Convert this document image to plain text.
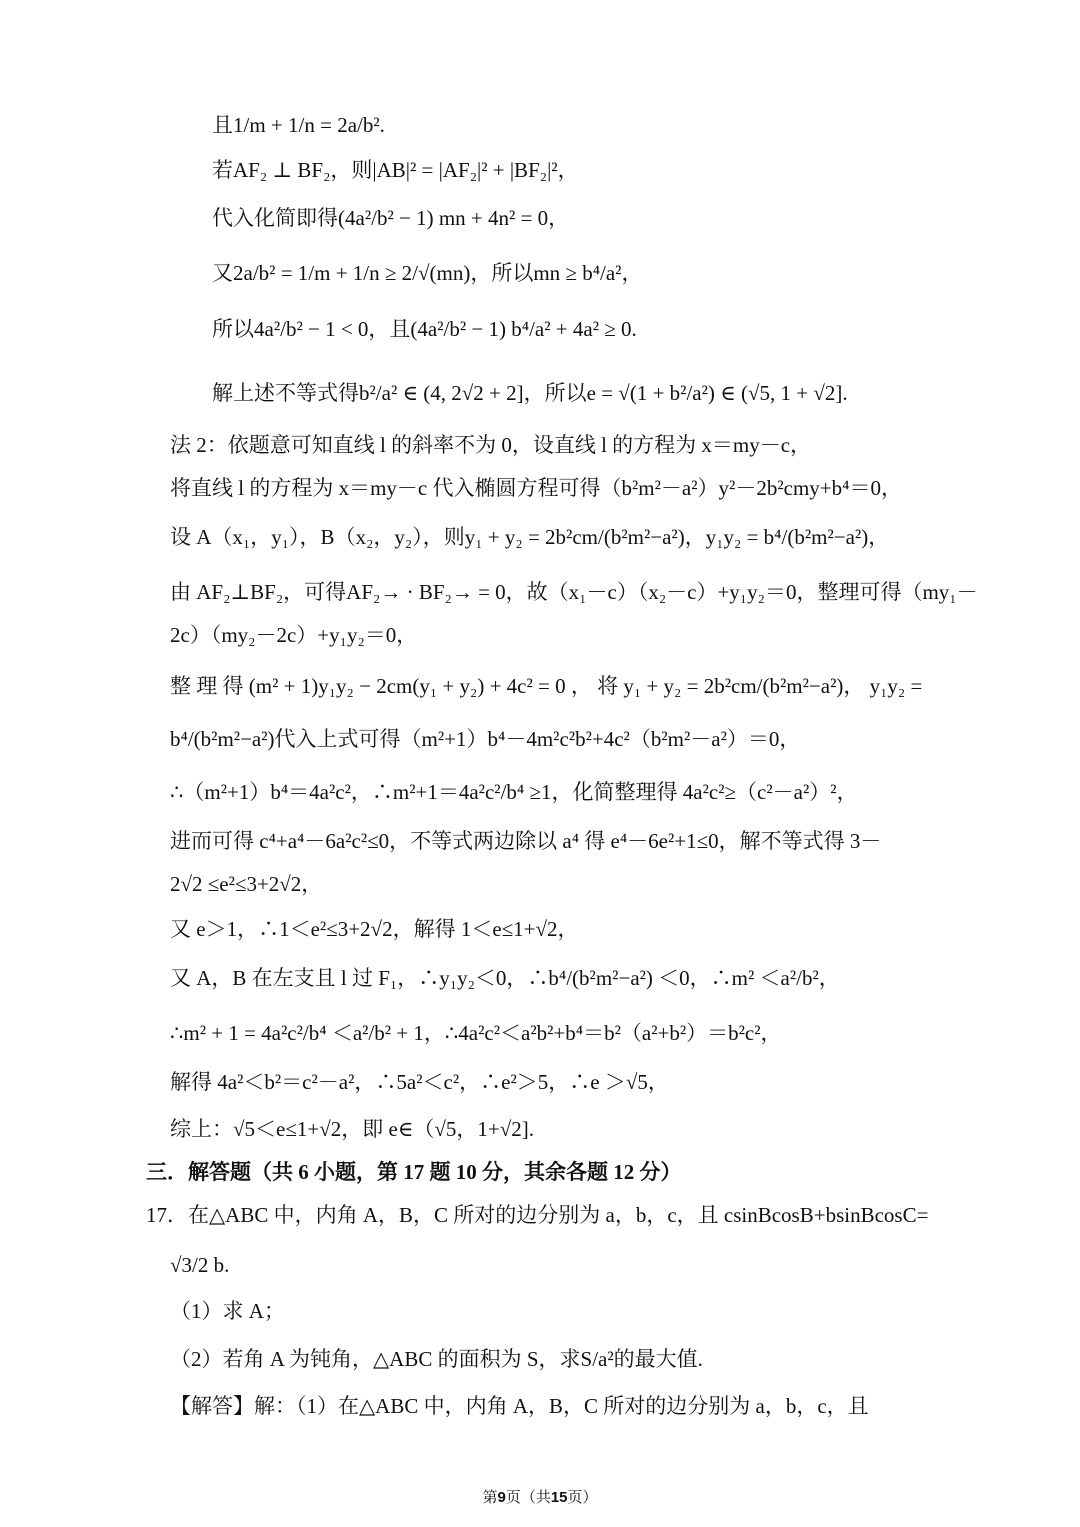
且1/m + 1/n = 2a/b².
若AF₂ ⊥ BF₂，则|AB|² = |AF₂|² + |BF₂|²，
代入化简即得(4a²/b² − 1) mn + 4n² = 0，
又2a/b² = 1/m + 1/n ≥ 2/√(mn)，所以mn ≥ b⁴/a²，
所以4a²/b² − 1 < 0，且(4a²/b² − 1) b⁴/a² + 4a² ≥ 0.
解上述不等式得b²/a² ∈ (4, 2√2 + 2]，所以e = √(1 + b²/a²) ∈ (√5, 1 + √2].
法 2：依题意可知直线 l 的斜率不为 0，设直线 l 的方程为 x＝my－c，
将直线 l 的方程为 x＝my－c 代入椭圆方程可得（b²m²－a²）y²－2b²cmy+b⁴＝0，
设 A（x₁，y₁），B（x₂，y₂），则y₁ + y₂ = 2b²cm/(b²m²−a²)，y₁y₂ = b⁴/(b²m²−a²)，
由 AF₂⊥BF₂，可得AF₂→ · BF₂→ = 0，故（x₁－c）（x₂－c）+y₁y₂＝0，整理可得（my₁－
2c）（my₂－2c）+y₁y₂＝0，
整 理 得 (m² + 1)y₁y₂ − 2cm(y₁ + y₂) + 4c² = 0 ， 将 y₁ + y₂ = 2b²cm/(b²m²−a²)， y₁y₂ =
b⁴/(b²m²−a²)代入上式可得（m²+1）b⁴－4m²c²b²+4c²（b²m²－a²）＝0，
∴（m²+1）b⁴＝4a²c²，∴m²+1＝4a²c²/b⁴ ≥1，化简整理得 4a²c²≥（c²－a²）²，
进而可得 c⁴+a⁴－6a²c²≤0，不等式两边除以 a⁴ 得 e⁴－6e²+1≤0，解不等式得 3－
2√2 ≤e²≤3+2√2，
又 e＞1，∴1＜e²≤3+2√2，解得 1＜e≤1+√2，
又 A，B 在左支且 l 过 F₁，∴y₁y₂＜0，∴b⁴/(b²m²−a²) ＜0，∴m² ＜a²/b²，
∴m² + 1 = 4a²c²/b⁴ ＜a²/b² + 1，∴4a²c²＜a²b²+b⁴＝b²（a²+b²）＝b²c²，
解得 4a²＜b²＝c²－a²，∴5a²＜c²，∴e²＞5，∴e ＞√5，
综上：√5＜e≤1+√2，即 e∈（√5，1+√2].
三．解答题（共 6 小题，第 17 题 10 分，其余各题 12 分）
17．在△ABC 中，内角 A，B，C 所对的边分别为 a，b，c，且 csinBcosB+bsinBcosC=
√3/2 b.
（1）求 A；
（2）若角 A 为钝角，△ABC 的面积为 S，求S/a²的最大值.
【解答】解：（1）在△ABC 中，内角 A，B，C 所对的边分别为 a，b，c，且
第9页（共15页）
